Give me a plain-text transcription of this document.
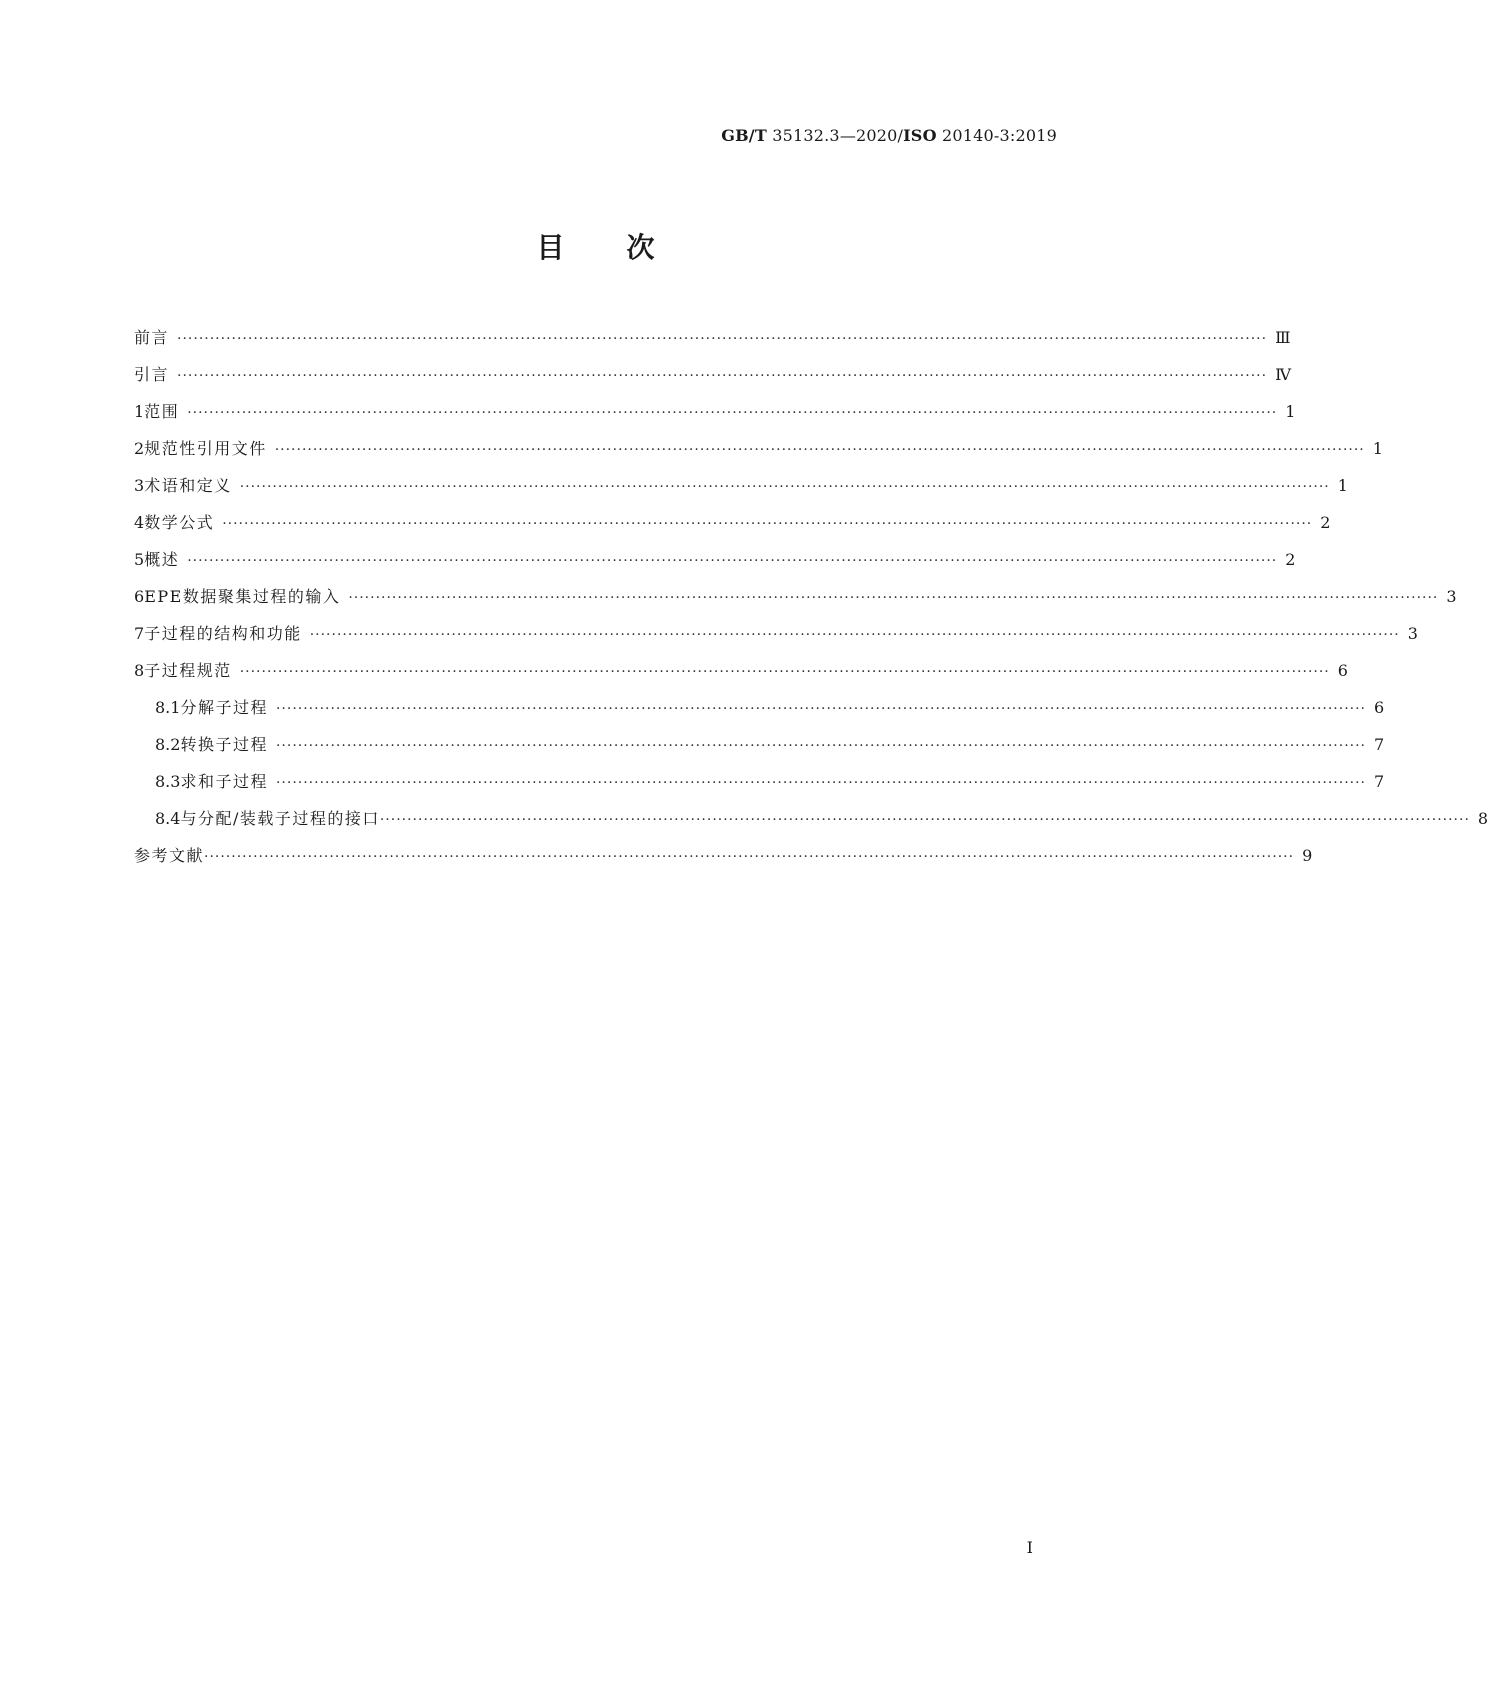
GB/T 35132.3—2020/ISO 20140-3:2019
目次
前言 ········································································································································································································ Ⅲ
引言 ········································································································································································································ Ⅳ
1 范围 ········································································································································································································ 1
2 规范性引用文件 ········································································································································································································ 1
3 术语和定义 ········································································································································································································ 1
4 数学公式 ········································································································································································································ 2
5 概述 ········································································································································································································ 2
6 EPE数据聚集过程的输入 ········································································································································································································ 3
7 子过程的结构和功能 ········································································································································································································ 3
8 子过程规范 ········································································································································································································ 6
8.1 分解子过程 ········································································································································································································ 6
8.2 转换子过程 ········································································································································································································ 7
8.3 求和子过程 ········································································································································································································ 7
8.4 与分配/装载子过程的接口 ········································································································································································································ 8
参考文献 ········································································································································································································ 9
I
